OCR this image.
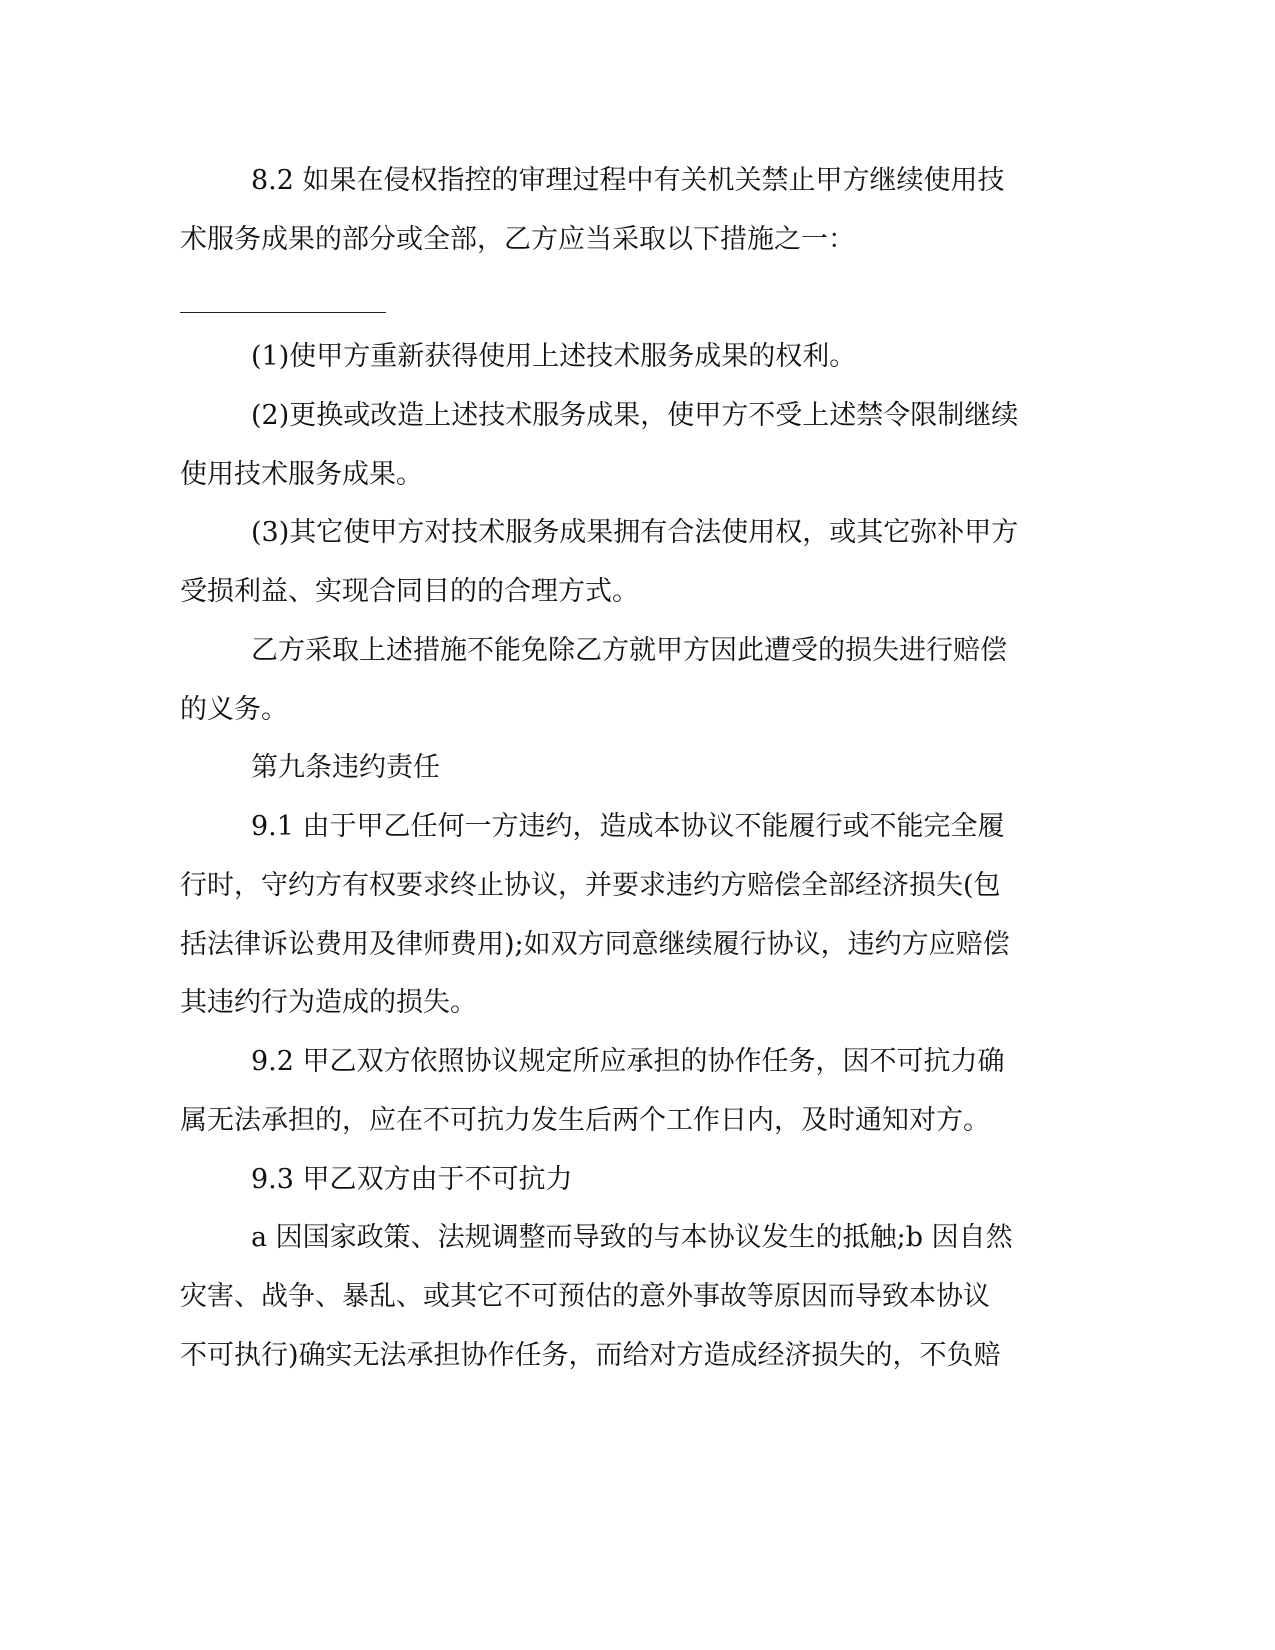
8.2 如果在侵权指控的审理过程中有关机关禁止甲方继续使用技

术服务成果的部分或全部，乙方应当采取以下措施之一：

(1)使甲方重新获得使用上述技术服务成果的权利。

(2)更换或改造上述技术服务成果，使甲方不受上述禁令限制继续

使用技术服务成果。

(3)其它使甲方对技术服务成果拥有合法使用权，或其它弥补甲方

受损利益、实现合同目的的合理方式。

乙方采取上述措施不能免除乙方就甲方因此遭受的损失进行赔偿

的义务。

第九条违约责任

9.1 由于甲乙任何一方违约，造成本协议不能履行或不能完全履

行时，守约方有权要求终止协议，并要求违约方赔偿全部经济损失(包

括法律诉讼费用及律师费用);如双方同意继续履行协议，违约方应赔偿

其违约行为造成的损失。

9.2 甲乙双方依照协议规定所应承担的协作任务，因不可抗力确

属无法承担的，应在不可抗力发生后两个工作日内，及时通知对方。

9.3 甲乙双方由于不可抗力

a 因国家政策、法规调整而导致的与本协议发生的抵触;b 因自然

灾害、战争、暴乱、或其它不可预估的意外事故等原因而导致本协议

不可执行)确实无法承担协作任务，而给对方造成经济损失的，不负赔
